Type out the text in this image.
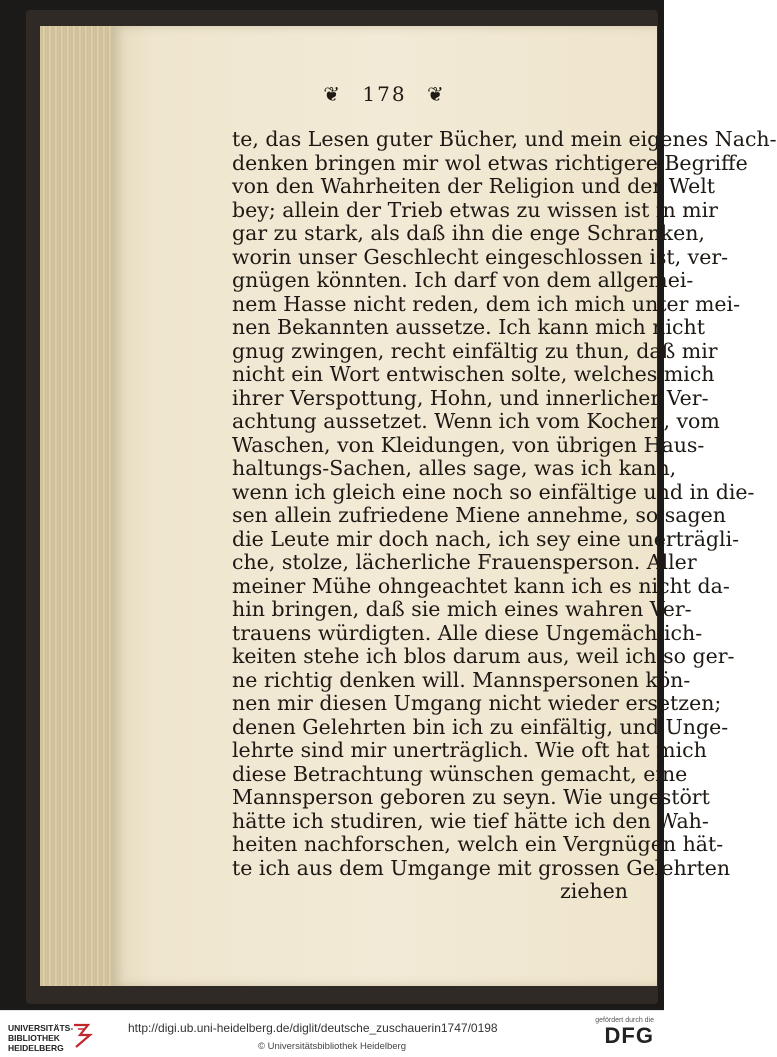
❦ 178 ❦
te, das Lesen guter Bücher, und mein eigenes Nach-
denken bringen mir wol etwas richtigere Begriffe
von den Wahrheiten der Religion und der Welt
bey; allein der Trieb etwas zu wissen ist in mir
gar zu stark, als daß ihn die enge Schranken,
worin unser Geschlecht eingeschlossen ist, ver-
gnügen könnten. Ich darf von dem allgemei-
nem Hasse nicht reden, dem ich mich unter mei-
nen Bekannten aussetze. Ich kann mich nicht
gnug zwingen, recht einfältig zu thun, daß mir
nicht ein Wort entwischen solte, welches mich
ihrer Verspottung, Hohn, und innerlicher Ver-
achtung aussetzet. Wenn ich vom Kochen, vom
Waschen, von Kleidungen, von übrigen Haus-
haltungs-Sachen, alles sage, was ich kann,
wenn ich gleich eine noch so einfältige und in die-
sen allein zufriedene Miene annehme, so sagen
die Leute mir doch nach, ich sey eine unerträgli-
che, stolze, lächerliche Frauensperson. Aller
meiner Mühe ohngeachtet kann ich es nicht da-
hin bringen, daß sie mich eines wahren Ver-
trauens würdigten. Alle diese Ungemächlich-
keiten stehe ich blos darum aus, weil ich so ger-
ne richtig denken will. Mannspersonen kön-
nen mir diesen Umgang nicht wieder ersetzen;
denen Gelehrten bin ich zu einfältig, und Unge-
lehrte sind mir unerträglich. Wie oft hat mich
diese Betrachtung wünschen gemacht, eine
Mannsperson geboren zu seyn. Wie ungestört
hätte ich studiren, wie tief hätte ich den Wah-
heiten nachforschen, welch ein Vergnügen hät-
te ich aus dem Umgange mit grossen Gelehrten
ziehen
UNIVERSITÄTS-
BIBLIOTHEK
HEIDELBERG
http://digi.ub.uni-heidelberg.de/diglit/deutsche_zuschauerin1747/0198
© Universitätsbibliothek Heidelberg
gefördert durch die
DFG
